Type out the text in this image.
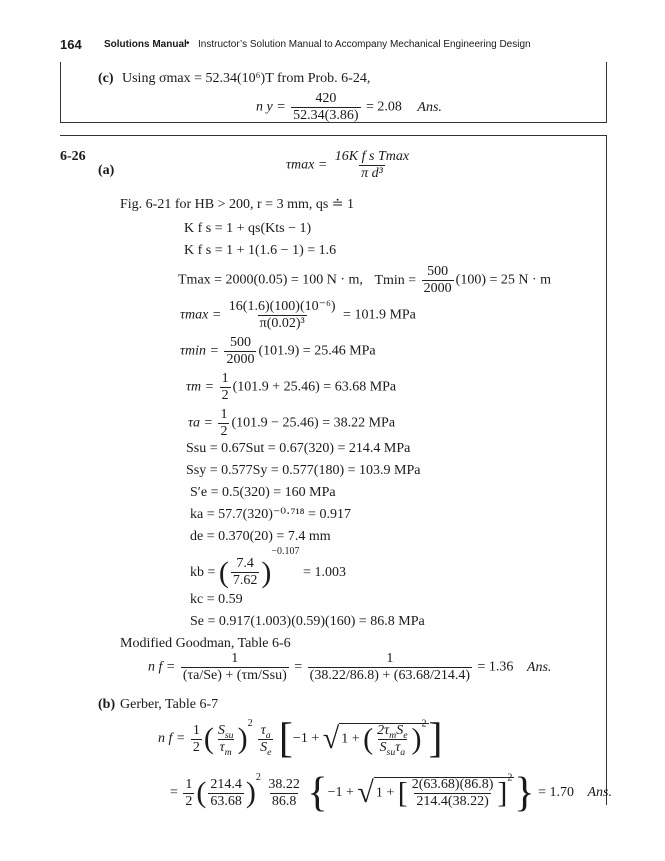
164 Solutions Manual • Instructor’s Solution Manual to Accompany Mechanical Engineering Design
(c) Using σmax = 52.34(10⁶)T from Prob. 6-24,
n $y = \frac{420}{52.34(3.86)} = 2.08$ Ans.
6-26
(a)	$\tau\max = \frac{\text{16K f s Tmax}}{\text{π d³}}$
Fig. 6-21 for HB > 200, r = 3 mm, qs ≐ 1
K f s = 1 + qs(Kts − 1)
K f s = 1 + 1(1.6 − 1) = 1.6
Tmax = 2000(0.05) = 100 N · m, $Tmin = \frac{500}{2000} (100) = 25$ N · m
$\tau\max = \frac{\text{16(1.6)(100)(10⁻⁶)}}{\text{π(0.02)³}} = 101.9$ MPa
$\tau\min = \frac{500}{2000} (101.9) = 25.46$ MPa
$\tau m = \frac{1}{2} (101.9 + 25.46) = 63.68$ MPa
$\tau a = \frac{1}{2} (101.9 - 25.46) = 38.22$ MPa
Ssu = 0.67Sut = 0.67(320) = 214.4 MPa
Ssy = 0.577Sy = 0.577(180) = 103.9 MPa
S′e = 0.5(320) = 160 MPa
ka = 57.7(320)⁻⁰·⁷¹⁸ = 0.917
de = 0.370(20) = 7.4 mm
kb = ( $\frac{7.4}{7.62} )^{-0.107} = 1.003$
kc = 0.59
Se = 0.917(1.003)(0.59)(160) = 86.8 MPa
Modified Goodman, Table 6-6
n $f = \frac{1}{\text{(τa/Se) + (τm/Ssu)}} = \frac{1}{(38.22/86.8) + (63.68/214.4)} = 1.36$ Ans.
(b) Gerber, Table 6-7
n $f = \frac{1}{2}$ ( $\frac{S_{su}}{\tau_m} )^2 \frac{\tau_a}{S_e} [-1$ + √ 1 + ( $\frac{2\tau_mS_e}{S_{su}\tau_a} )^2$]
= $\frac{1}{2}$ ( $\frac{214.4}{63.68} )^2 \frac{38.22}{86.8} \{-1$ + √ 1 + [ $\frac{2(63.68)(86.8)}{214.4(38.22)} ]^2\} = 1.70$ Ans.
